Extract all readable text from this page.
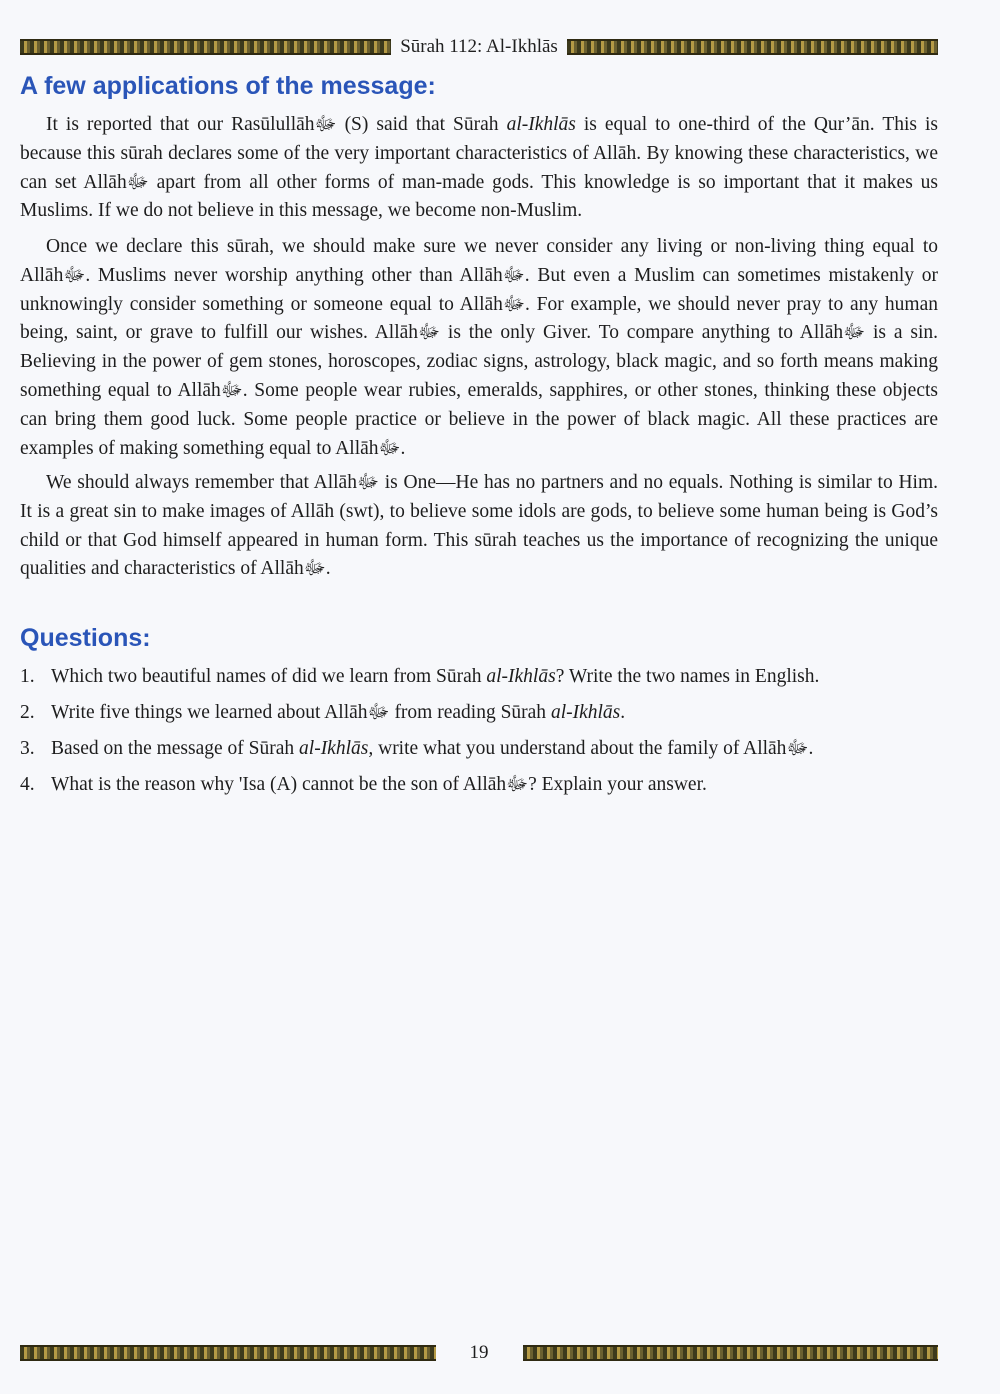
Sūrah 112: Al-Ikhlās
A few applications of the message:

It is reported that our Rasūlullāhﷻ (S) said that Sūrah al-Ikhlās is equal to one-third of the Qur’ān. This is because this sūrah declares some of the very important characteristics of Allāh. By knowing these characteristics, we can set Allāhﷻ apart from all other forms of man-made gods. This knowledge is so important that it makes us Muslims. If we do not believe in this message, we become non-Muslim.

Once we declare this sūrah, we should make sure we never consider any living or non-living thing equal to Allāhﷻ. Muslims never worship anything other than Allāhﷻ. But even a Muslim can sometimes mistakenly or unknowingly consider something or someone equal to Allāhﷻ. For example, we should never pray to any human being, saint, or grave to fulfill our wishes. Allāhﷻ is the only Giver. To compare anything to Allāhﷻ is a sin. Believing in the power of gem stones, horoscopes, zodiac signs, astrology, black magic, and so forth means making something equal to Allāhﷻ. Some people wear rubies, emeralds, sapphires, or other stones, thinking these objects can bring them good luck. Some people practice or believe in the power of black magic. All these practices are examples of making something equal to Allāhﷻ.

We should always remember that Allāhﷻ is One—He has no partners and no equals. Nothing is similar to Him. It is a great sin to make images of Allāh (swt), to believe some idols are gods, to believe some human being is God’s child or that God himself appeared in human form. This sūrah teaches us the importance of recognizing the unique qualities and characteristics of Allāhﷻ.

Questions:
1. Which two beautiful names of did we learn from Sūrah al-Ikhlās? Write the two names in English.
2. Write five things we learned about Allāhﷻ from reading Sūrah al-Ikhlās.
3. Based on the message of Sūrah al-Ikhlās, write what you understand about the family of Allāhﷻ.
4. What is the reason why 'Isa (A) cannot be the son of Allāhﷻ? Explain your answer.
19
